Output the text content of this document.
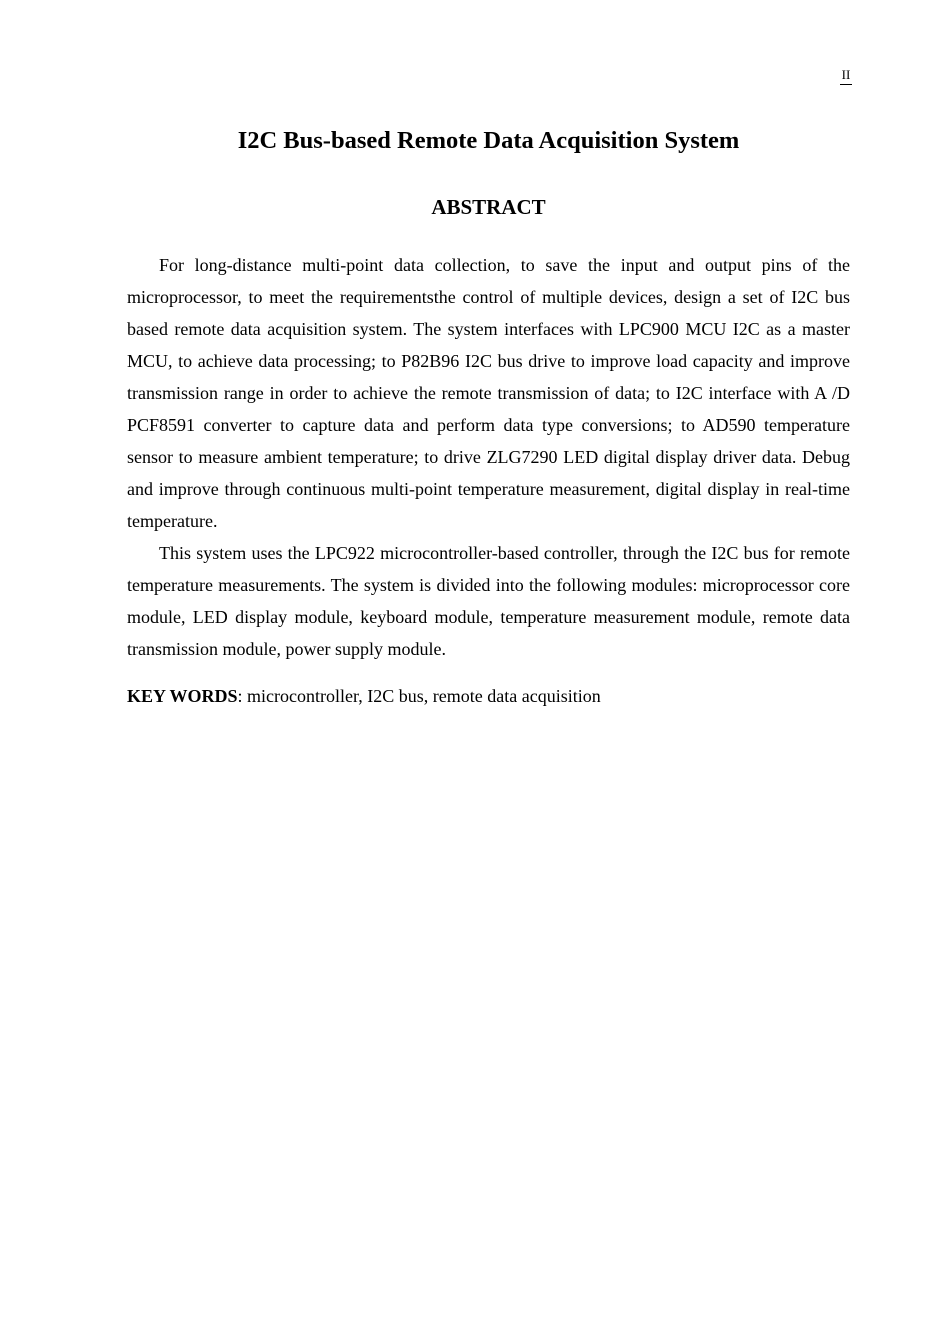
II
I2C Bus-based Remote Data Acquisition System
ABSTRACT

For long-distance multi-point data collection, to save the input and output pins of the microprocessor, to meet the requirementsthe control of multiple devices, design a set of I2C bus based remote data acquisition system. The system interfaces with LPC900 MCU I2C as a master MCU, to achieve data processing; to P82B96 I2C bus drive to improve load capacity and improve transmission range in order to achieve the remote transmission of data; to I2C interface with A /D PCF8591 converter to capture data and perform data type conversions; to AD590 temperature sensor to measure ambient temperature; to drive ZLG7290 LED digital display driver data. Debug and improve through continuous multi-point temperature measurement, digital display in real-time temperature.

This system uses the LPC922 microcontroller-based controller, through the I2C bus for remote temperature measurements. The system is divided into the following modules: microprocessor core module, LED display module, keyboard module, temperature measurement module, remote data transmission module, power supply module.

KEY WORDS: microcontroller, I2C bus, remote data acquisition
